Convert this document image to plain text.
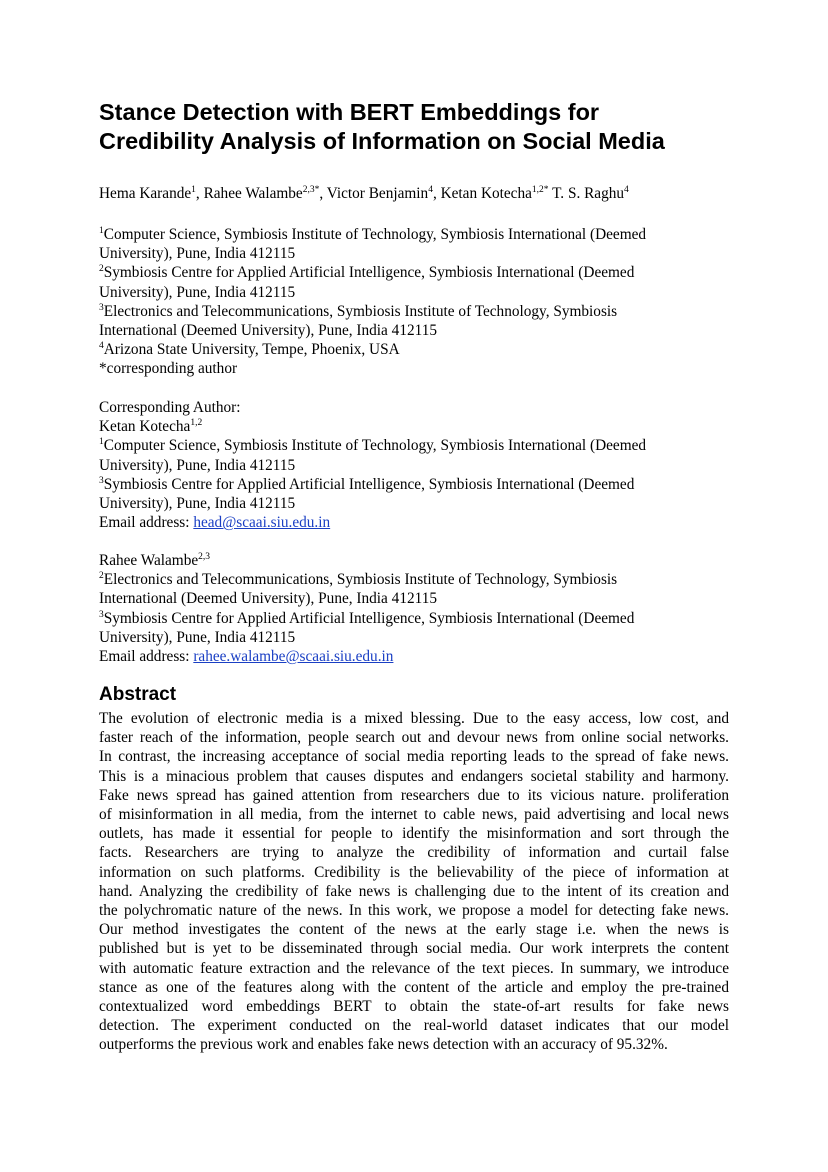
Stance Detection with BERT Embeddings for
Credibility Analysis of Information on Social Media
Hema Karande$^1$, Rahee Walambe$^{2,3*}$, Victor Benjamin$^4$, Ketan Kotecha$^{1,2*}$ T. S. Raghu$^4$
$^1$Computer Science, Symbiosis Institute of Technology, Symbiosis International (Deemed
University), Pune, India 412115
$^2$Symbiosis Centre for Applied Artificial Intelligence, Symbiosis International (Deemed
University), Pune, India 412115
$^3$Electronics and Telecommunications, Symbiosis Institute of Technology, Symbiosis
International (Deemed University), Pune, India 412115
$^4$Arizona State University, Tempe, Phoenix, USA
*corresponding author
Corresponding Author:
Ketan Kotecha$^{1,2}$
$^1$Computer Science, Symbiosis Institute of Technology, Symbiosis International (Deemed
University), Pune, India 412115
$^3$Symbiosis Centre for Applied Artificial Intelligence, Symbiosis International (Deemed
University), Pune, India 412115
Email address: head@scaai.siu.edu.in
Rahee Walambe$^{2,3}$
$^2$Electronics and Telecommunications, Symbiosis Institute of Technology, Symbiosis
International (Deemed University), Pune, India 412115
$^3$Symbiosis Centre for Applied Artificial Intelligence, Symbiosis International (Deemed
University), Pune, India 412115
Email address: rahee.walambe@scaai.siu.edu.in
Abstract
The evolution of electronic media is a mixed blessing. Due to the easy access, low cost, and
faster reach of the information, people search out and devour news from online social networks.
In contrast, the increasing acceptance of social media reporting leads to the spread of fake news.
This is a minacious problem that causes disputes and endangers societal stability and harmony.
Fake news spread has gained attention from researchers due to its vicious nature. proliferation
of misinformation in all media, from the internet to cable news, paid advertising and local news
outlets, has made it essential for people to identify the misinformation and sort through the
facts. Researchers are trying to analyze the credibility of information and curtail false
information on such platforms. Credibility is the believability of the piece of information at
hand. Analyzing the credibility of fake news is challenging due to the intent of its creation and
the polychromatic nature of the news. In this work, we propose a model for detecting fake news.
Our method investigates the content of the news at the early stage i.e. when the news is
published but is yet to be disseminated through social media. Our work interprets the content
with automatic feature extraction and the relevance of the text pieces. In summary, we introduce
stance as one of the features along with the content of the article and employ the pre-trained
contextualized word embeddings BERT to obtain the state-of-art results for fake news
detection. The experiment conducted on the real-world dataset indicates that our model
outperforms the previous work and enables fake news detection with an accuracy of 95.32%.
